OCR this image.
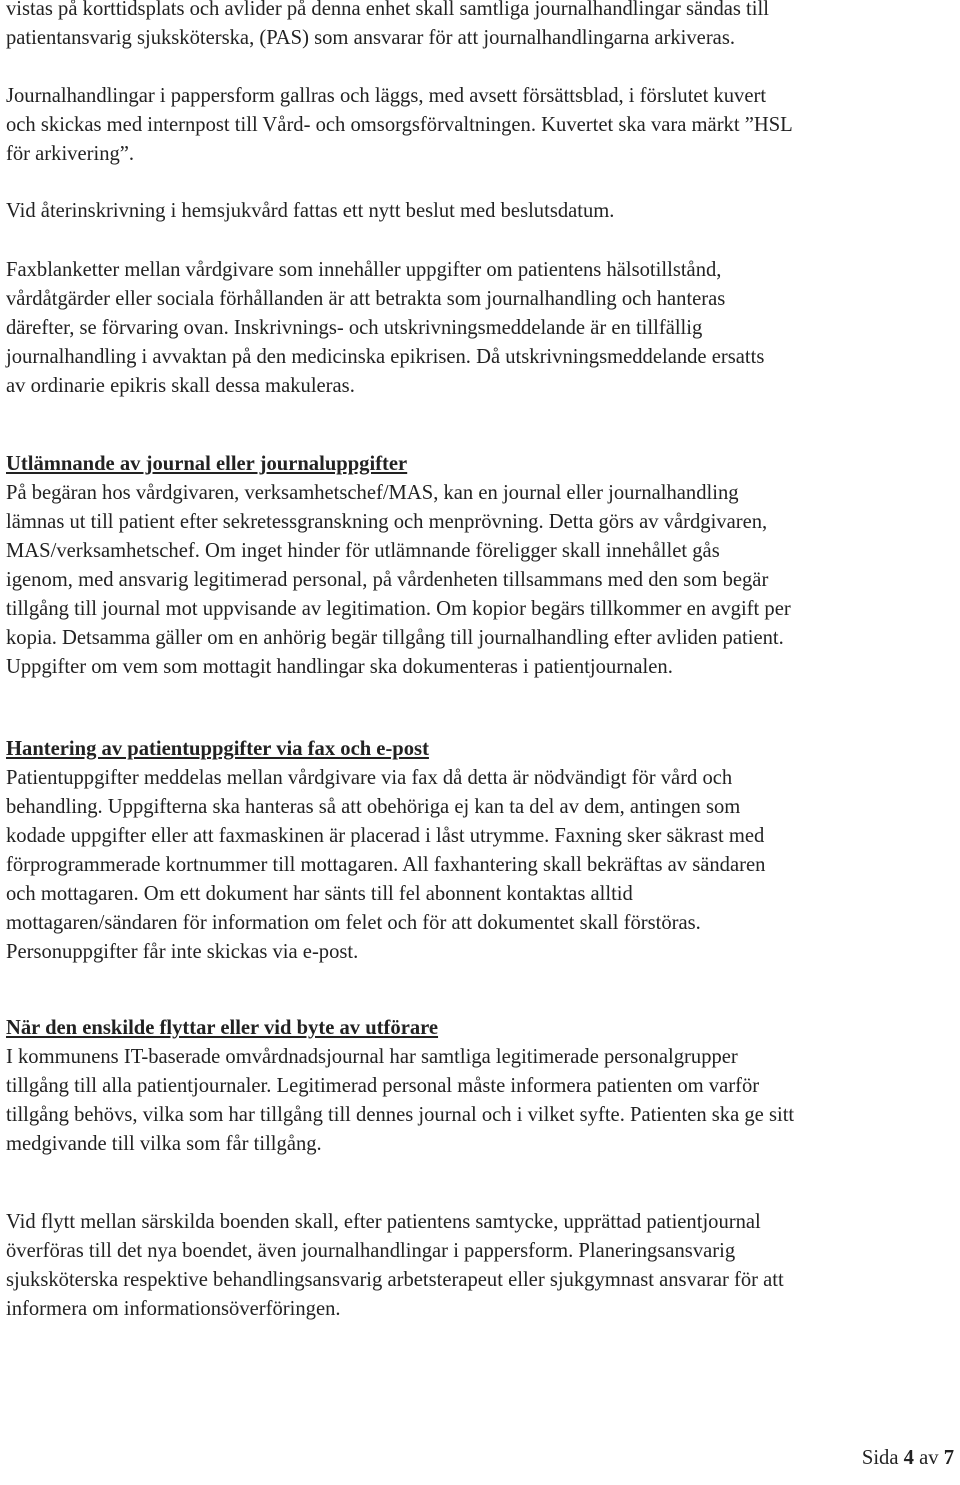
vistas på korttidsplats och avlider på denna enhet skall samtliga journalhandlingar sändas till
patientansvarig sjuksköterska, (PAS) som ansvarar för att journalhandlingarna arkiveras.
Journalhandlingar i pappersform gallras och läggs, med avsett försättsblad, i förslutet kuvert
och skickas med internpost till Vård- och omsorgsförvaltningen. Kuvertet ska vara märkt ”HSL
för arkivering”.
Vid återinskrivning i hemsjukvård fattas ett nytt beslut med beslutsdatum.
Faxblanketter mellan vårdgivare som innehåller uppgifter om patientens hälsotillstånd,
vårdåtgärder eller sociala förhållanden är att betrakta som journalhandling och hanteras
därefter, se förvaring ovan. Inskrivnings- och utskrivningsmeddelande är en tillfällig
journalhandling i avvaktan på den medicinska epikrisen. Då utskrivningsmeddelande ersatts
av ordinarie epikris skall dessa makuleras.
Utlämnande av journal eller journaluppgifter
På begäran hos vårdgivaren, verksamhetschef/MAS, kan en journal eller journalhandling
lämnas ut till patient efter sekretessgranskning och menprövning. Detta görs av vårdgivaren,
MAS/verksamhetschef. Om inget hinder för utlämnande föreligger skall innehållet gås
igenom, med ansvarig legitimerad personal, på vårdenheten tillsammans med den som begär
tillgång till journal mot uppvisande av legitimation. Om kopior begärs tillkommer en avgift per
kopia. Detsamma gäller om en anhörig begär tillgång till journalhandling efter avliden patient.
Uppgifter om vem som mottagit handlingar ska dokumenteras i patientjournalen.
Hantering av patientuppgifter via fax och e-post
Patientuppgifter meddelas mellan vårdgivare via fax då detta är nödvändigt för vård och
behandling. Uppgifterna ska hanteras så att obehöriga ej kan ta del av dem, antingen som
kodade uppgifter eller att faxmaskinen är placerad i låst utrymme. Faxning sker säkrast med
förprogrammerade kortnummer till mottagaren. All faxhantering skall bekräftas av sändaren
och mottagaren. Om ett dokument har sänts till fel abonnent kontaktas alltid
mottagaren/sändaren för information om felet och för att dokumentet skall förstöras.
Personuppgifter får inte skickas via e-post.
När den enskilde flyttar eller vid byte av utförare
I kommunens IT-baserade omvårdnadsjournal har samtliga legitimerade personalgrupper
tillgång till alla patientjournaler. Legitimerad personal måste informera patienten om varför
tillgång behövs, vilka som har tillgång till dennes journal och i vilket syfte. Patienten ska ge sitt
medgivande till vilka som får tillgång.
Vid flytt mellan särskilda boenden skall, efter patientens samtycke, upprättad patientjournal
överföras till det nya boendet, även journalhandlingar i pappersform. Planeringsansvarig
sjuksköterska respektive behandlingsansvarig arbetsterapeut eller sjukgymnast ansvarar för att
informera om informationsöverföringen.
Sida 4 av 7
